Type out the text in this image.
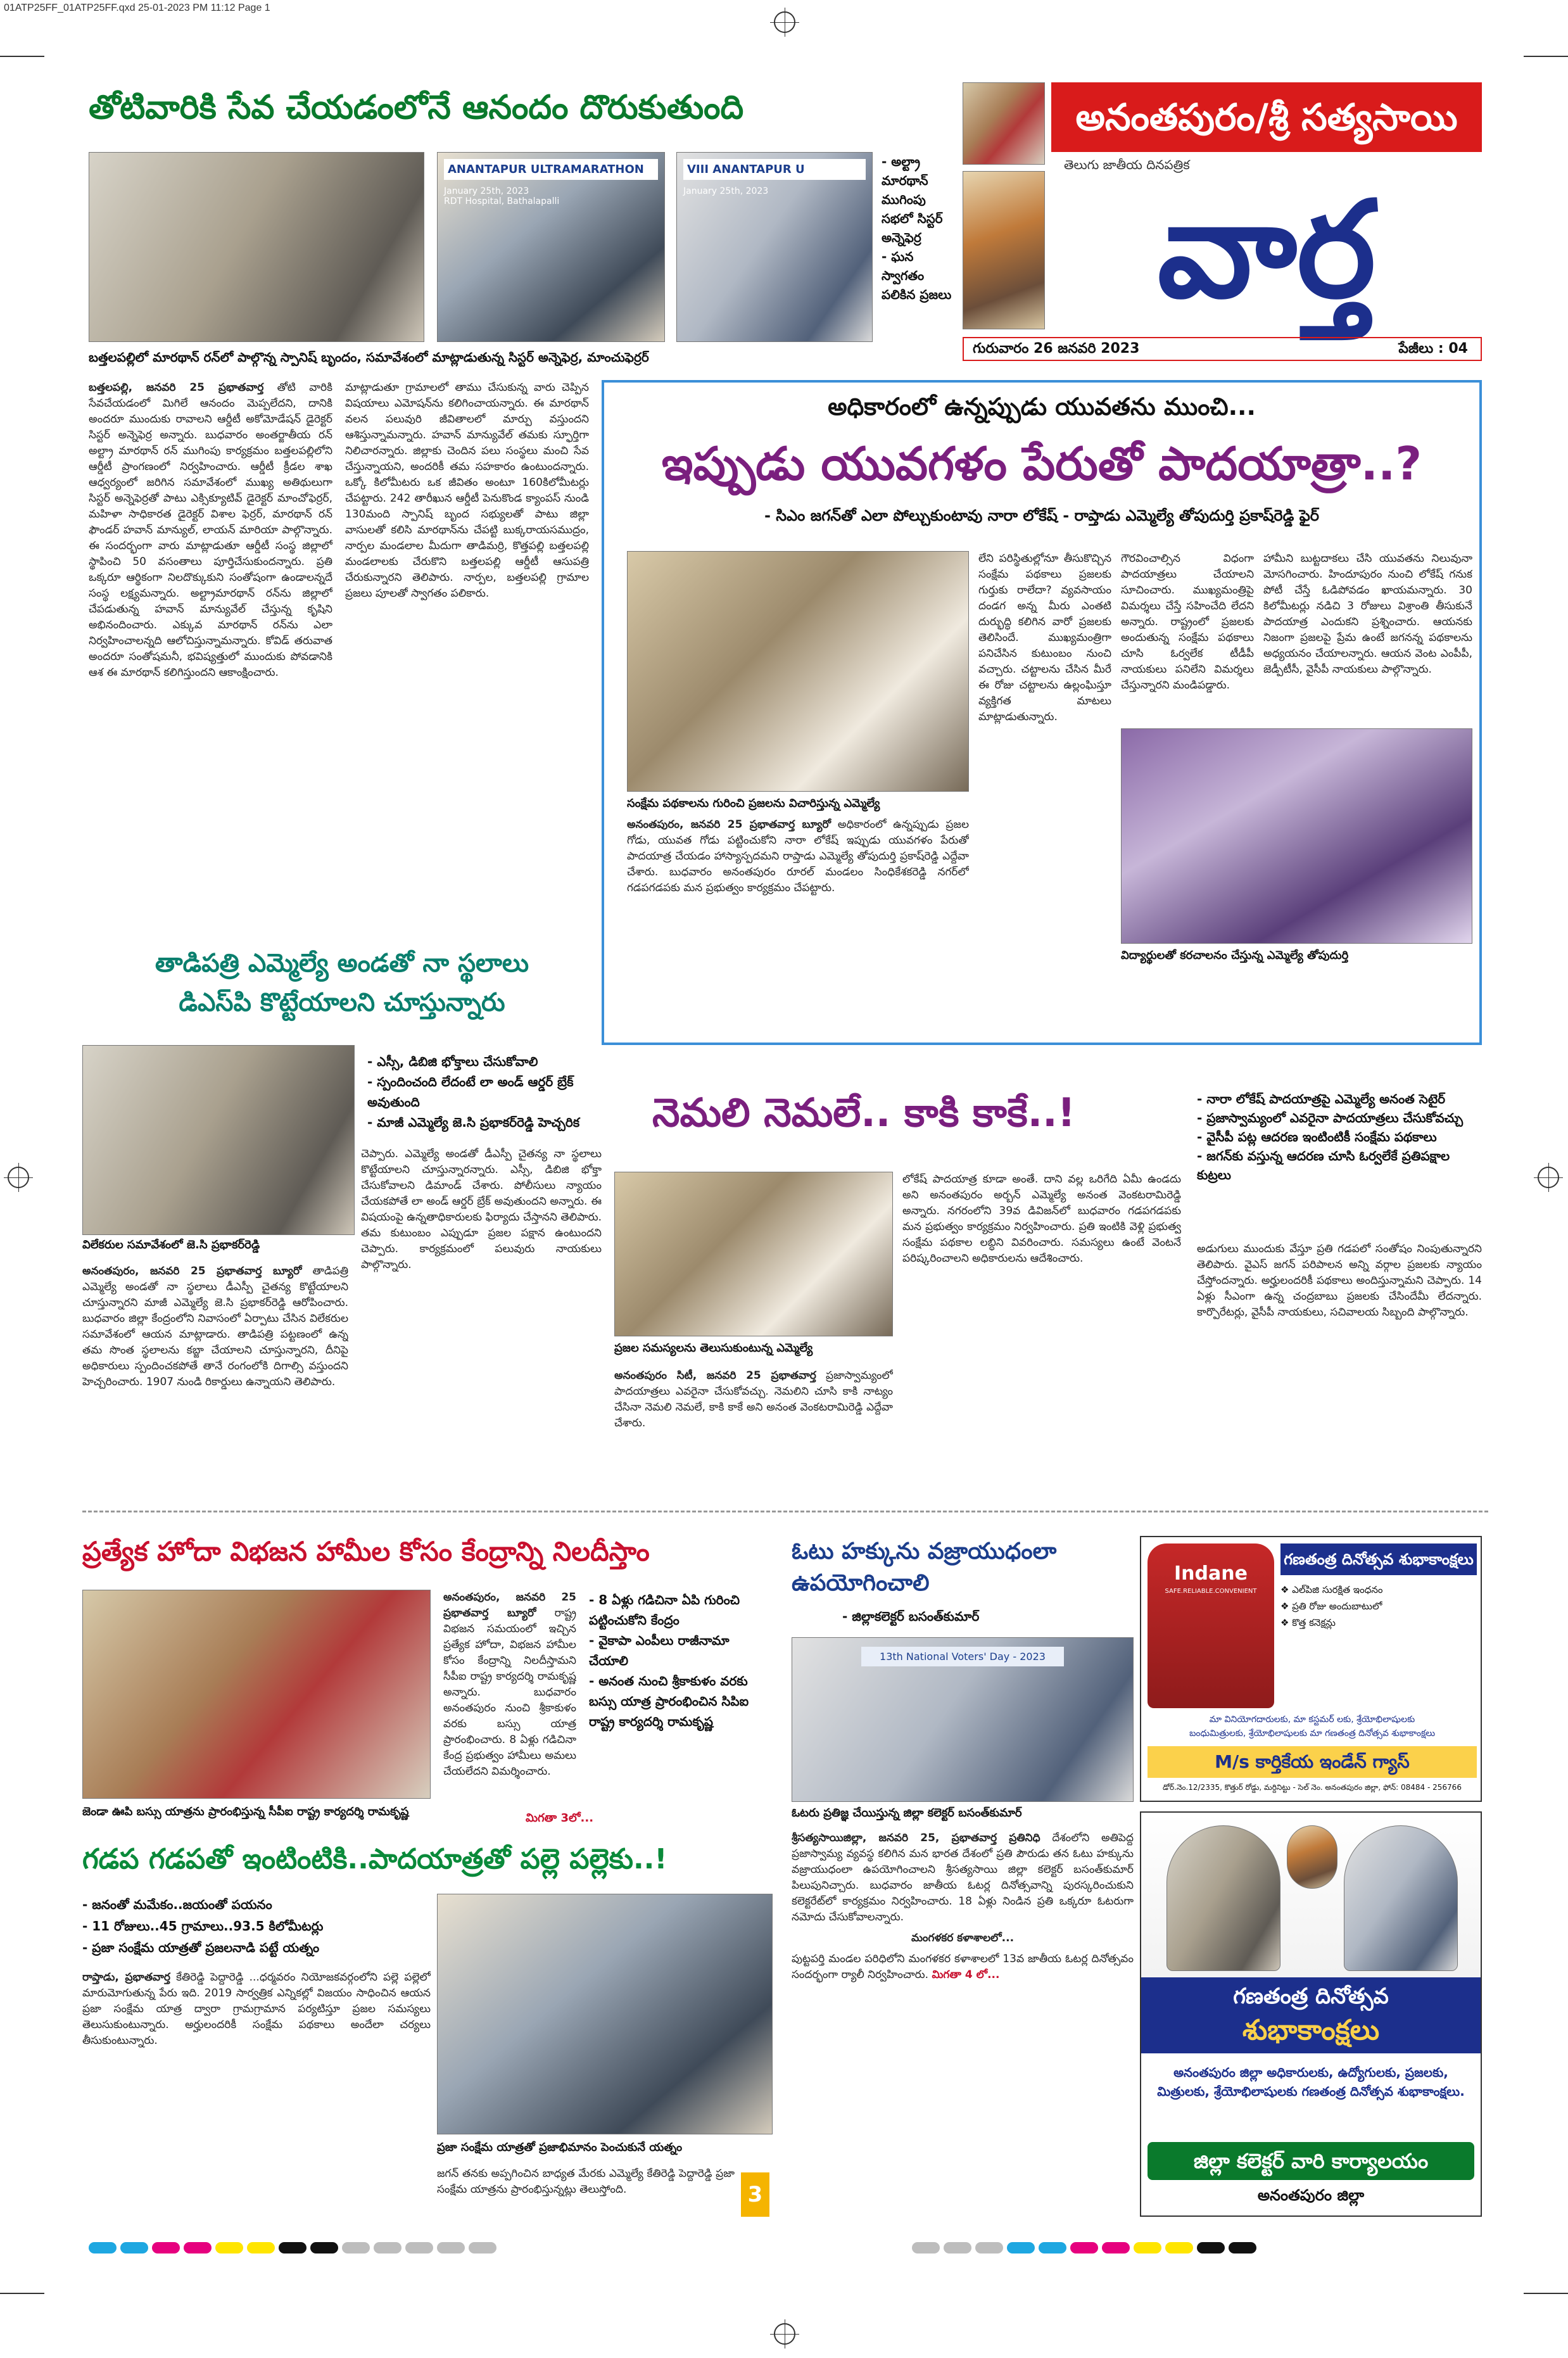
01ATP25FF_01ATP25FF.qxd 25-01-2023 PM 11:12 Page 1
తోటివారికి సేవ చేయడంలోనే ఆనందం దొరుకుతుంది
ANANTAPUR ULTRAMARATHON
January 25th, 2023
RDT Hospital, Bathalapalli
VIII ANANTAPUR U
January 25th, 2023
- అల్ట్రా మారథాన్ ముగింపు సభలో సిస్టర్ అన్నెఫెర్ర
- ఘన స్వాగతం పలికిన ప్రజలు
బత్తలపల్లిలో మారథాన్ రన్‌లో పాల్గొన్న స్పానిష్ బృందం, సమావేశంలో మాట్లాడుతున్న సిస్టర్ అన్నెఫెర్ర, మాంచుఫెర్రర్
బత్తలపల్లి, జనవరి 25 ప్రభాతవార్త తోటి వారికి సేవచేయడంలో మిగిలే ఆనందం మెప్పలేదని, దానికి అందరూ ముందుకు రావాలని ఆర్డీటీ అకోమోడేషన్ డైరెక్టర్ సిస్టర్ అన్నెఫెర్ర అన్నారు. బుధవారం అంతర్జాతీయ రన్ అల్ట్రా మారథాన్ రన్ ముగింపు కార్యక్రమం బత్తలపల్లిలోని ఆర్డీటీ ప్రాంగణంలో నిర్వహించారు. ఆర్డీటీ క్రీడల శాఖ ఆధ్వర్యంలో జరిగిన సమావేశంలో ముఖ్య అతిథులుగా సిస్టర్ అన్నెఫెర్రతో పాటు ఎక్సిక్యూటివ్ డైరెక్టర్ మాంచోఫెర్రర్, మహిళా సాధికారత డైరెక్టర్ విశాల ఫెర్రర్, మారథాన్ రన్ ఫౌండర్ హవాన్ మాన్యుల్, లాయన్ మారియా పాల్గొన్నారు. ఈ సందర్భంగా వారు మాట్లాడుతూ ఆర్డీటీ సంస్థ జిల్లాలో స్థాపించి 50 వసంతాలు పూర్తిచేసుకుందన్నారు. ప్రతి ఒక్కరూ ఆర్థికంగా నిలదొక్కుకుని సంతోషంగా ఉండాలన్నదే సంస్థ లక్ష్యమన్నారు. అల్ట్రామారథాన్ రన్‌ను జిల్లాలో చేపడుతున్న హవాన్ మాన్యువేల్ చేస్తున్న కృషిని అభినందించారు. ఎక్కువ మారథాన్ రన్‌ను ఎలా నిర్వహించాలన్నది ఆలోచిస్తున్నామన్నారు. కోవిడ్ తరువాత అందరూ సంతోషమనీ, భవిష్యత్తులో ముందుకు పోవడానికి ఆశ ఈ మారథాన్ కలిగిస్తుందని ఆకాంక్షించారు.
మాట్లాడుతూ గ్రామాలలో తాము చేసుకున్న వారు చెప్పిన విషయాలు ఎమోషన్‌ను కలిగించాయన్నారు. ఈ మారథాన్ వలన పలువురి జీవితాలలో మార్పు వస్తుందని ఆశిస్తున్నామన్నారు. హవాన్ మాన్యువేల్ తమకు స్ఫూర్తిగా నిలిచారన్నారు. జిల్లాకు చెందిన పలు సంస్థలు మంచి సేవ చేస్తున్నాయని, అందరికీ తమ సహకారం ఉంటుందన్నారు. ఒక్కో కిలోమీటరు ఒక జీవితం అంటూ 160కిలోమీటర్లు చేపట్టారు. 242 తారీఖున ఆర్డీటీ పెనుకొండ క్యాంపస్ నుండి 130మంది స్పానిష్ బృంద సభ్యులతో పాటు జిల్లా వాసులతో కలిసి మారథాన్‌ను చేపట్టి బుక్కరాయసముద్రం, నార్పల మండలాల మీదుగా తాడిమర్రి, కొత్తపల్లి బత్తలపల్లి మండలాలకు చేరుకొని బత్తలపల్లి ఆర్డీటీ ఆసుపత్రి చేరుకున్నారని తెలిపారు. నార్పల, బత్తలపల్లి గ్రామాల ప్రజలు పూలతో స్వాగతం పలికారు.
అనంతపురం/శ్రీ సత్యసాయి
తెలుగు జాతీయ దినపత్రిక
వార్త
గురువారం 26 జనవరి 2023	పేజీలు : 04
అధికారంలో ఉన్నప్పుడు యువతను ముంచి...
ఇప్పుడు యువగళం పేరుతో పాదయాత్రా..?
- సిఎం జగన్‌తో ఎలా పోల్చుకుంటావు నారా లోకేష్ - రాప్తాడు ఎమ్మెల్యే తోపుదుర్తి ప్రకాష్‌రెడ్డి ఫైర్
సంక్షేమ పథకాలను గురించి ప్రజలను విచారిస్తున్న ఎమ్మెల్యే
లేని పరిస్థితుల్లోనూ తీసుకొచ్చిన సంక్షేమ పథకాలు ప్రజలకు గుర్తుకు రాలేదా? వ్యవసాయం దండగ అన్న మీరు ఎంతటి దుర్భుద్ధి కలిగిన వారో ప్రజలకు తెలిసిందే. ముఖ్యమంత్రిగా పనిచేసిన కుటుంబం నుంచి వచ్చారు. చట్టాలను చేసిన మీరే ఈ రోజు చట్టాలను ఉల్లంఘిస్తూ వ్యక్తిగత మాటలు మాట్లాడుతున్నారు.
గౌరవించాల్సిన విధంగా పాదయాత్రలు చేయాలని సూచించారు. ముఖ్యమంత్రిపై విమర్శలు చేస్తే సహించేది లేదని అన్నారు. రాష్ట్రంలో ప్రజలకు అందుతున్న సంక్షేమ పథకాలు చూసి ఓర్వలేక టీడీపీ నాయకులు పనిలేని విమర్శలు చేస్తున్నారని మండిపడ్డారు.
హామీని బుట్టదాకలు చేసి యువతను నిలువునా మోసగించారు. హిందూపురం నుంచి లోకేష్ గనుక పోటీ చేస్తే ఓడిపోవడం ఖాయమన్నారు. 30 కిలోమీటర్లు నడిచి 3 రోజులు విశ్రాంతి తీసుకునే పాదయాత్ర ఎందుకని ప్రశ్నించారు. ఆయనకు నిజంగా ప్రజలపై ప్రేమ ఉంటే జగనన్న పథకాలను అధ్యయనం చేయాలన్నారు. ఆయన వెంట ఎంపీపీ, జెడ్పీటీసీ, వైసీపీ నాయకులు పాల్గొన్నారు.
విద్యార్థులతో కరచాలనం చేస్తున్న ఎమ్మెల్యే తోపుదుర్తి
అనంతపురం, జనవరి 25 ప్రభాతవార్త బ్యూరో అధికారంలో ఉన్నప్పుడు ప్రజల గోడు, యువత గోడు పట్టించుకోని నారా లోకేష్ ఇప్పుడు యువగళం పేరుతో పాదయాత్ర చేయడం హాస్యాస్పదమని రాప్తాడు ఎమ్మెల్యే తోపుదుర్తి ప్రకాష్‌రెడ్డి ఎద్దేవా చేశారు. బుధవారం అనంతపురం రూరల్ మండలం సింధికేశకరెడ్డి నగర్‌లో గడపగడపకు మన ప్రభుత్వం కార్యక్రమం చేపట్టారు.
తాడిపత్రి ఎమ్మెల్యే అండతో నా స్థలాలు
డిఎస్‌పి కొట్టేయాలని చూస్తున్నారు
- ఎస్సీ, డిబిజి భోక్తాలు చేసుకోవాలి
- స్పందించంది లేదంటే లా అండ్ ఆర్డర్ బ్రేక్ అవుతుంది
- మాజీ ఎమ్మెల్యే జె.సి ప్రభాకర్‌రెడ్డి హెచ్చరిక
విలేకరుల సమావేశంలో జె.సి ప్రభాకర్‌రెడ్డి
అనంతపురం, జనవరి 25 ప్రభాతవార్త బ్యూరో తాడిపత్రి ఎమ్మెల్యే అండతో నా స్థలాలు డీఎస్పీ చైతన్య కొట్టేయాలని చూస్తున్నారని మాజీ ఎమ్మెల్యే జె.సి ప్రభాకర్‌రెడ్డి ఆరోపించారు. బుధవారం జిల్లా కేంద్రంలోని నివాసంలో ఏర్పాటు చేసిన విలేకరుల సమావేశంలో ఆయన మాట్లాడారు. తాడిపత్రి పట్టణంలో ఉన్న తమ సొంత స్థలాలను కబ్జా చేయాలని చూస్తున్నారని, దీనిపై అధికారులు స్పందించకపోతే తానే రంగంలోకి దిగాల్సి వస్తుందని హెచ్చరించారు. 1907 నుండి రికార్డులు ఉన్నాయని తెలిపారు.
చెప్పారు. ఎమ్మెల్యే అండతో డీఎస్పీ చైతన్య నా స్థలాలు కొట్టేయాలని చూస్తున్నారన్నారు. ఎస్సీ, డిబిజి భోక్తా చేసుకోవాలని డిమాండ్ చేశారు. పోలీసులు న్యాయం చేయకపోతే లా అండ్ ఆర్డర్ బ్రేక్ అవుతుందని అన్నారు. ఈ విషయంపై ఉన్నతాధికారులకు ఫిర్యాదు చేస్తానని తెలిపారు. తమ కుటుంబం ఎప్పుడూ ప్రజల పక్షాన ఉంటుందని చెప్పారు. కార్యక్రమంలో పలువురు నాయకులు పాల్గొన్నారు.
నెమలి నెమలే.. కాకి కాకే..!
ప్రజల సమస్యలను తెలుసుకుంటున్న ఎమ్మెల్యే
అనంతపురం సిటీ, జనవరి 25 ప్రభాతవార్త ప్రజాస్వామ్యంలో పాదయాత్రలు ఎవరైనా చేసుకోవచ్చు. నెమలిని చూసి కాకి నాట్యం చేసినా నెమలి నెమలే, కాకి కాకే అని అనంత వెంకటరామిరెడ్డి ఎద్దేవా చేశారు.
లోకేష్ పాదయాత్ర కూడా అంతే. దాని వల్ల ఒరిగేది ఏమీ ఉండదు అని అనంతపురం అర్బన్ ఎమ్మెల్యే అనంత వెంకటరామిరెడ్డి అన్నారు. నగరంలోని 39వ డివిజన్‌లో బుధవారం గడపగడపకు మన ప్రభుత్వం కార్యక్రమం నిర్వహించారు. ప్రతి ఇంటికి వెళ్లి ప్రభుత్వ సంక్షేమ పథకాల లబ్ధిని వివరించారు. సమస్యలు ఉంటే వెంటనే పరిష్కరించాలని అధికారులను ఆదేశించారు.
- నారా లోకేష్ పాదయాత్రపై ఎమ్మెల్యే అనంత సెటైర్
- ప్రజాస్వామ్యంలో ఎవరైనా పాదయాత్రలు చేసుకోవచ్చు
- వైసీపీ పట్ల ఆదరణ ఇంటింటికీ సంక్షేమ పథకాలు
- జగన్‌కు వస్తున్న ఆదరణ చూసి ఓర్వలేకే ప్రతిపక్షాల కుట్రలు
అడుగులు ముందుకు వేస్తూ ప్రతి గడపలో సంతోషం నింపుతున్నారని తెలిపారు. వైఎస్ జగన్ పరిపాలన అన్ని వర్గాల ప్రజలకు న్యాయం చేస్తోందన్నారు. అర్హులందరికీ పథకాలు అందిస్తున్నామని చెప్పారు. 14 ఏళ్లు సీఎంగా ఉన్న చంద్రబాబు ప్రజలకు చేసిందేమీ లేదన్నారు. కార్పొరేటర్లు, వైసీపీ నాయకులు, సచివాలయ సిబ్బంది పాల్గొన్నారు.
ప్రత్యేక హోదా విభజన హామీల కోసం కేంద్రాన్ని నిలదీస్తాం
జెండా ఊపి బస్సు యాత్రను ప్రారంభిస్తున్న సీపీఐ రాష్ట్ర కార్యదర్శి రామకృష్ణ
అనంతపురం, జనవరి 25 ప్రభాతవార్త బ్యూరో రాష్ట్ర విభజన సమయంలో ఇచ్చిన ప్రత్యేక హోదా, విభజన హామీల కోసం కేంద్రాన్ని నిలదీస్తామని సీపీఐ రాష్ట్ర కార్యదర్శి రామకృష్ణ అన్నారు. బుధవారం అనంతపురం నుంచి శ్రీకాకుళం వరకు బస్సు యాత్ర ప్రారంభించారు. 8 ఏళ్లు గడిచినా కేంద్ర ప్రభుత్వం హామీలు అమలు చేయలేదని విమర్శించారు.
మిగతా 3లో...
- 8 ఏళ్లు గడిచినా ఏపి గురించి పట్టించుకోని కేంద్రం
- వైకాపా ఎంపీలు రాజీనామా చేయాలి
- అనంత నుంచి శ్రీకాకుళం వరకు బస్సు యాత్ర ప్రారంభించిన సిపిఐ రాష్ట్ర కార్యదర్శి రామకృష్ణ
ఓటు హక్కును వజ్రాయుధంలా
ఉపయోగించాలి
- జిల్లాకలెక్టర్ బసంత్‌కుమార్
13th National Voters' Day - 2023
ఓటరు ప్రతిజ్ఞ చేయిస్తున్న జిల్లా కలెక్టర్ బసంత్‌కుమార్
శ్రీసత్యసాయిజిల్లా, జనవరి 25, ప్రభాతవార్త ప్రతినిధి దేశంలోని అతిపెద్ద ప్రజాస్వామ్య వ్యవస్థ కలిగిన మన భారత దేశంలో ప్రతి పౌరుడు తన ఓటు హక్కును వజ్రాయుధంలా ఉపయోగించాలని శ్రీసత్యసాయి జిల్లా కలెక్టర్ బసంత్‌కుమార్ పిలుపునిచ్చారు. బుధవారం జాతీయ ఓటర్ల దినోత్సవాన్ని పురస్కరించుకుని కలెక్టరేట్‌లో కార్యక్రమం నిర్వహించారు. 18 ఏళ్లు నిండిన ప్రతి ఒక్కరూ ఓటరుగా నమోదు చేసుకోవాలన్నారు.
మంగళకర కళాశాలలో...
పుట్టపర్తి మండల పరిధిలోని మంగళకర కళాశాలలో 13వ జాతీయ ఓటర్ల దినోత్సవం సందర్భంగా ర్యాలీ నిర్వహించారు. మిగతా 4 లో...
Indane
SAFE.RELIABLE.CONVENIENT
గణతంత్ర దినోత్సవ శుభాకాంక్షలు
❖ ఎల్‌పిజి సురక్షిత ఇంధనం
❖ ప్రతి రోజు అందుబాటులో
❖ కొత్త కనెక్షన్లు
మా వినియోగదారులకు, మా కస్టమర్ లకు, శ్రేయోభిలాషులకు
బంధుమిత్రులకు, శ్రేయోభిలాషులకు మా గణతంత్ర దినోత్సవ శుభాకాంక్షలు
M/s కార్తికేయ ఇండేన్ గ్యాస్
డోర్.నెం.12/2335, కొత్తుర్ రోడ్డు, మర్దినిట్టు - సెల్ నెం. అనంతపురం జిల్లా, ఫోన్: 08484 - 256766
గడప గడపతో ఇంటింటికి..పాదయాత్రతో పల్లె పల్లెకు..!
- జనంతో మమేకం..జయంతో పయనం
- 11 రోజులు..45 గ్రామాలు..93.5 కిలోమీటర్లు
- ప్రజా సంక్షేమ యాత్రతో ప్రజలనాడి పట్టే యత్నం
ప్రజా సంక్షేమ యాత్రతో ప్రజాభిమానం పెంచుకునే యత్నం
రాప్తాడు, ప్రభాతవార్త కేతిరెడ్డి పెద్దారెడ్డి ...ధర్మవరం నియోజకవర్గంలోని పల్లె పల్లెలో మారుమోగుతున్న పేరు ఇది. 2019 సార్వత్రిక ఎన్నికల్లో విజయం సాధించిన ఆయన ప్రజా సంక్షేమ యాత్ర ద్వారా గ్రామగ్రామాన పర్యటిస్తూ ప్రజల సమస్యలు తెలుసుకుంటున్నారు. అర్హులందరికీ సంక్షేమ పథకాలు అందేలా చర్యలు తీసుకుంటున్నారు.
జగన్ తనకు అప్పగించిన బాధ్యత మేరకు ఎమ్మెల్యే కేతిరెడ్డి పెద్దారెడ్డి ప్రజా సంక్షేమ యాత్రను ప్రారంభిస్తున్నట్లు తెలుస్తోంది.	3
గణతంత్ర దినోత్సవ
శుభాకాంక్షలు
అనంతపురం జిల్లా అధికారులకు, ఉద్యోగులకు, ప్రజలకు, మిత్రులకు, శ్రేయోభిలాషులకు గణతంత్ర దినోత్సవ శుభాకాంక్షలు.
జిల్లా కలెక్టర్ వారి కార్యాలయం
అనంతపురం జిల్లా
